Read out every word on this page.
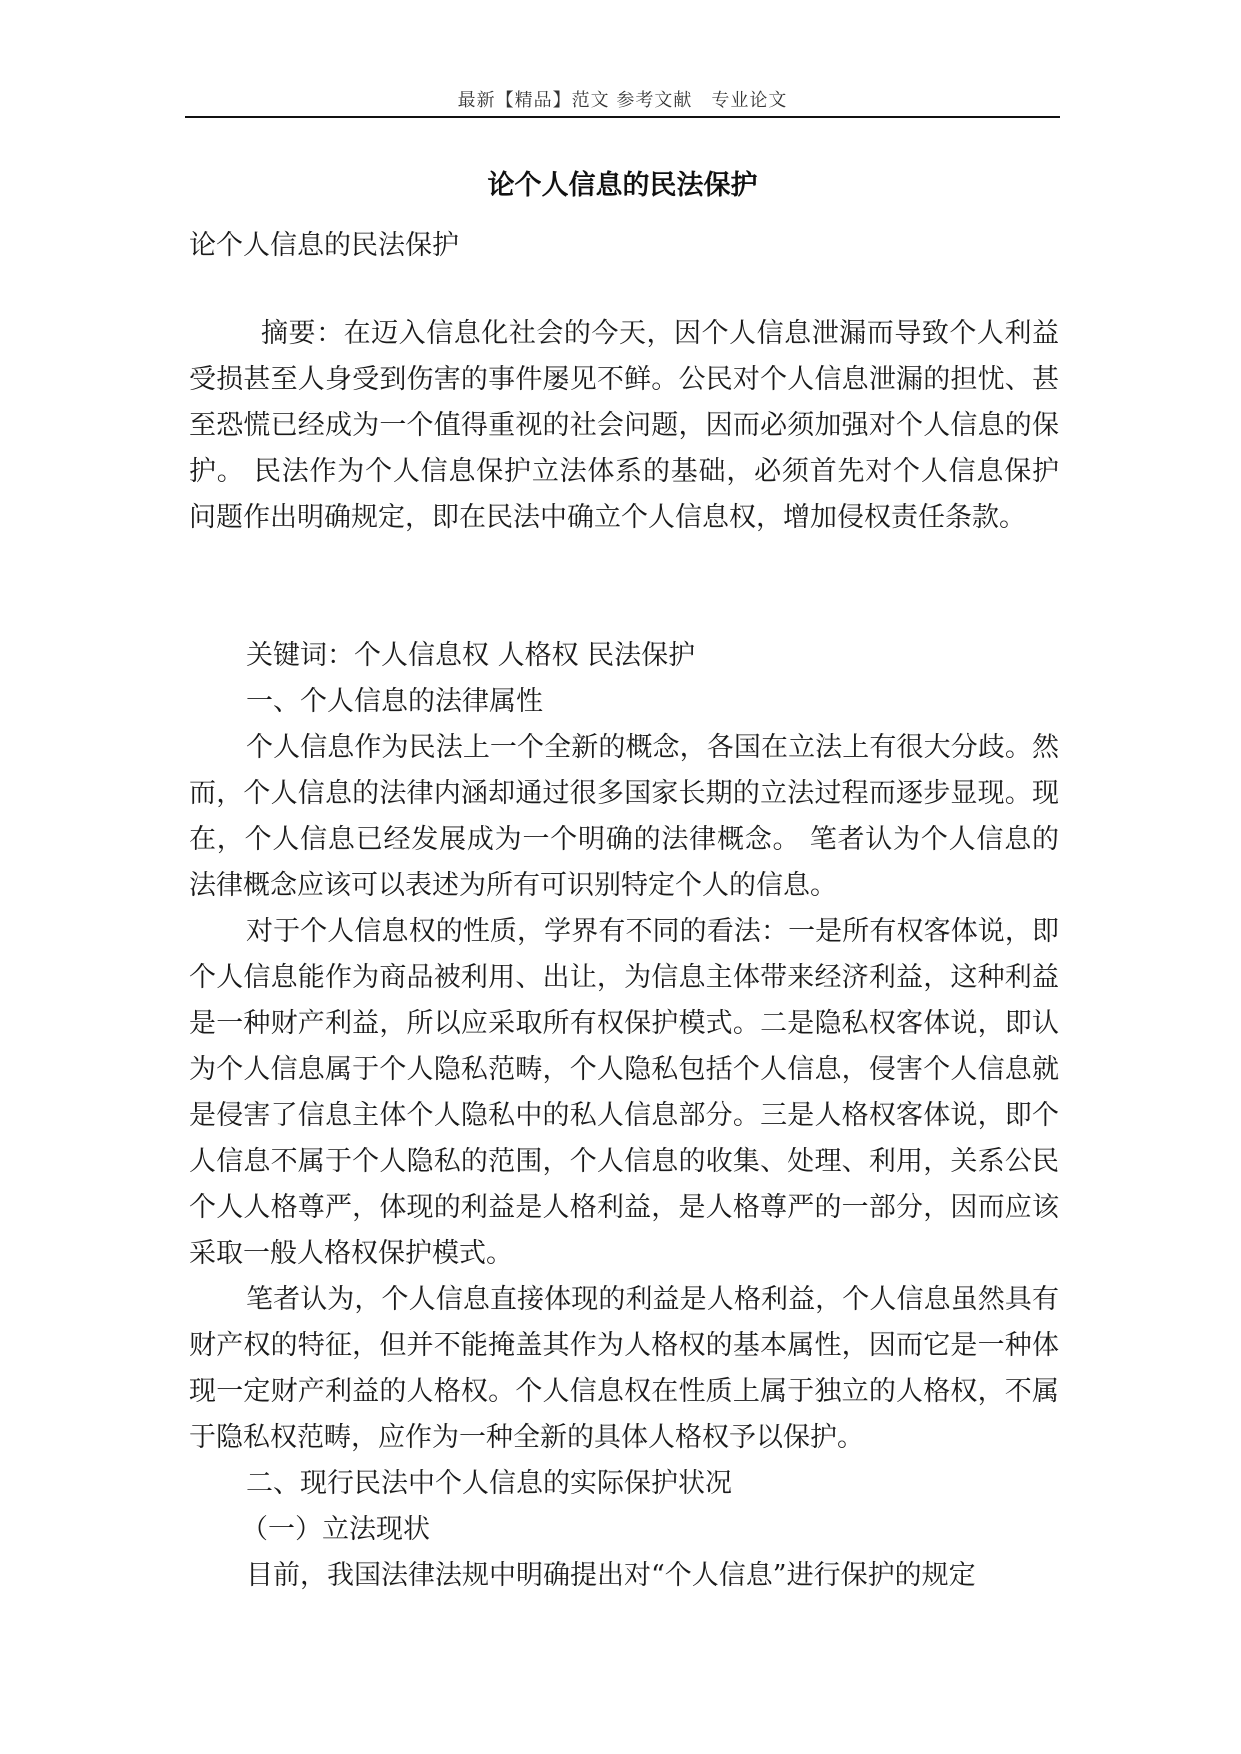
最新【精品】范文 参考文献　专业论文
论个人信息的民法保护
论个人信息的民法保护
摘要：在迈入信息化社会的今天，因个人信息泄漏而导致个人利益受损甚至人身受到伤害的事件屡见不鲜。公民对个人信息泄漏的担忧、甚至恐慌已经成为一个值得重视的社会问题，因而必须加强对个人信息的保护。 民法作为个人信息保护立法体系的基础，必须首先对个人信息保护问题作出明确规定，即在民法中确立个人信息权，增加侵权责任条款。
关键词：个人信息权 人格权 民法保护
一、个人信息的法律属性
个人信息作为民法上一个全新的概念，各国在立法上有很大分歧。然而，个人信息的法律内涵却通过很多国家长期的立法过程而逐步显现。现在，个人信息已经发展成为一个明确的法律概念。 笔者认为个人信息的法律概念应该可以表述为所有可识别特定个人的信息。
对于个人信息权的性质，学界有不同的看法：一是所有权客体说，即个人信息能作为商品被利用、出让，为信息主体带来经济利益，这种利益是一种财产利益，所以应采取所有权保护模式。二是隐私权客体说，即认为个人信息属于个人隐私范畴，个人隐私包括个人信息，侵害个人信息就是侵害了信息主体个人隐私中的私人信息部分。三是人格权客体说，即个人信息不属于个人隐私的范围，个人信息的收集、处理、利用，关系公民个人人格尊严，体现的利益是人格利益，是人格尊严的一部分，因而应该采取一般人格权保护模式。
笔者认为，个人信息直接体现的利益是人格利益，个人信息虽然具有财产权的特征，但并不能掩盖其作为人格权的基本属性，因而它是一种体现一定财产利益的人格权。个人信息权在性质上属于独立的人格权，不属于隐私权范畴，应作为一种全新的具体人格权予以保护。
二、现行民法中个人信息的实际保护状况
（一）立法现状
目前，我国法律法规中明确提出对“个人信息”进行保护的规定
